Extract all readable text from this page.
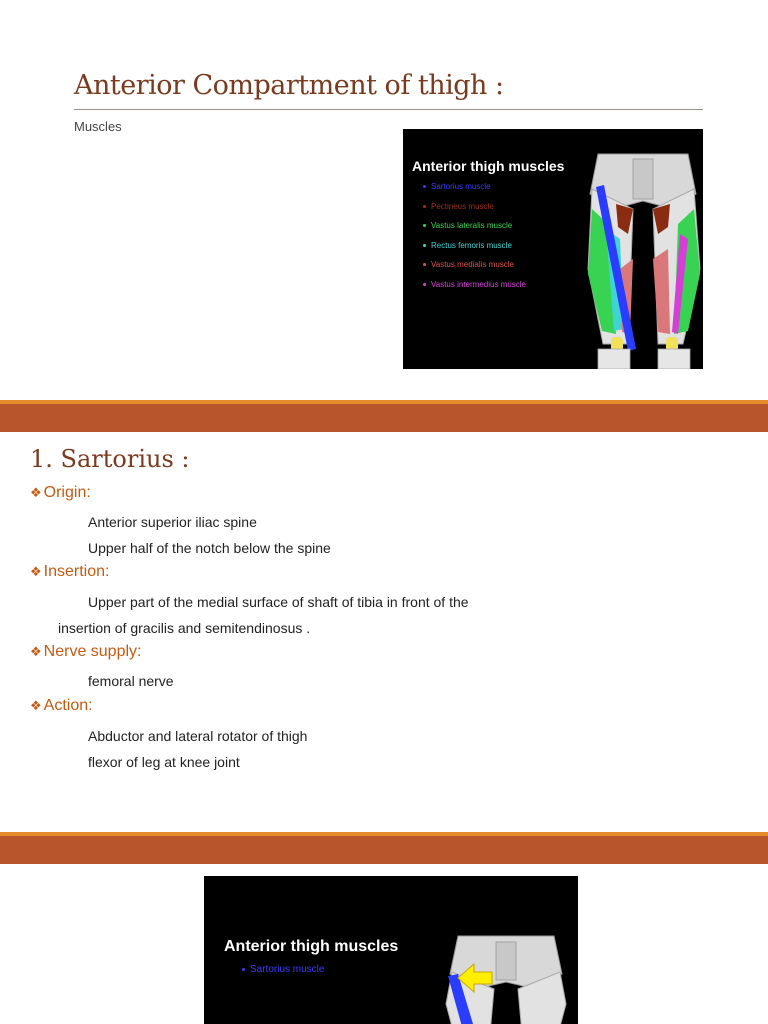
Anterior Compartment of thigh :
Muscles
Anterior thigh muscles
Sartorius muscle
Pectineus muscle
Vastus lateralis muscle
Rectus femoris muscle
Vastus medialis muscle
Vastus intermedius muscle
1. Sartorius :
❖ Origin:
Anterior superior iliac spine
Upper half of the notch below the spine
❖ Insertion:
Upper part of the medial surface of shaft of tibia in front of the
insertion of gracilis and semitendinosus .
❖ Nerve supply:
femoral nerve
❖ Action:
Abductor and lateral rotator of thigh
flexor of leg at knee joint
Anterior thigh muscles
Sartorius muscle
